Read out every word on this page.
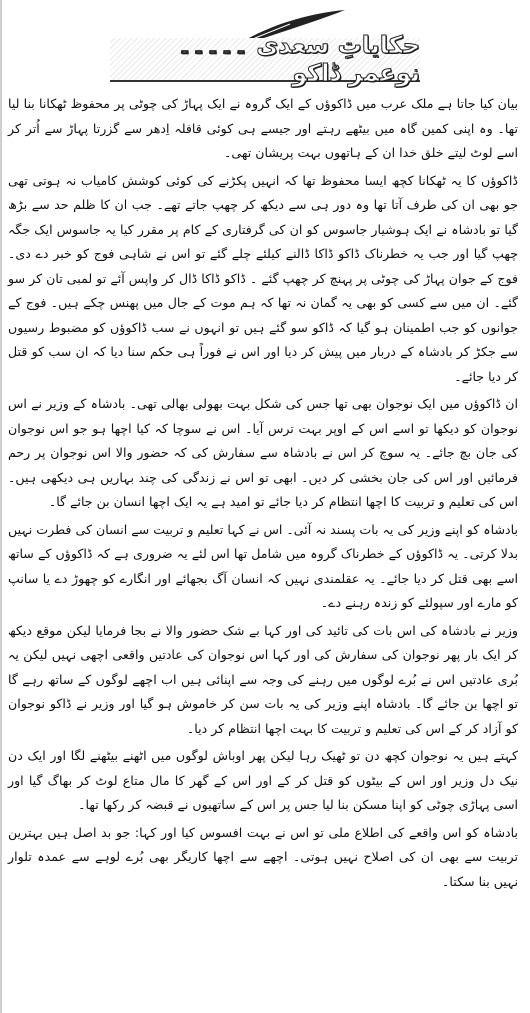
حکایاتِ سعدی ۔۔۔۔۔ نوعمر ڈاکو

بیان کیا جاتا ہے ملک عرب میں ڈاکوؤں کے ایک گروہ نے ایک پہاڑ کی چوٹی پر محفوظ ٹھکانا بنا لیا تھا۔ وہ اپنی کمین گاہ میں بیٹھے رہتے اور جیسے ہی کوئی قافلہ اِدھر سے گزرتا پہاڑ سے اُتر کر اسے لوٹ لیتے خلق خدا ان کے ہاتھوں بہت پریشان تھی۔

ڈاکوؤں کا یہ ٹھکانا کچھ ایسا محفوظ تھا کہ انہیں پکڑنے کی کوئی کوشش کامیاب نہ ہوتی تھی جو بھی ان کی طرف آتا تھا وہ دور ہی سے دیکھ کر چھپ جاتے تھے۔ جب ان کا ظلم حد سے بڑھ گیا تو بادشاہ نے ایک ہوشیار جاسوس کو ان کی گرفتاری کے کام پر مقرر کیا یہ جاسوس ایک جگہ چھپ گیا اور جب یہ خطرناک ڈاکو ڈاکا ڈالنے کیلئے چلے گئے تو اس نے شاہی فوج کو خبر دے دی۔ فوج کے جوان پہاڑ کی چوٹی پر پہنچ کر چھپ گئے ۔ ڈاکو ڈاکا ڈال کر واپس آئے تو لمبی تان کر سو گئے۔ ان میں سے کسی کو بھی یہ گمان نہ تھا کہ ہم موت کے جال میں پھنس چکے ہیں۔ فوج کے جوانوں کو جب اطمینان ہو گیا کہ ڈاکو سو گئے ہیں تو انہوں نے سب ڈاکوؤں کو مضبوط رسیوں سے جکڑ کر بادشاہ کے دربار میں پیش کر دیا اور اس نے فوراً ہی حکم سنا دیا کہ ان سب کو قتل کر دیا جائے۔

ان ڈاکوؤں میں ایک نوجوان بھی تھا جس کی شکل بہت بھولی بھالی تھی۔ بادشاہ کے وزیر نے اس نوجوان کو دیکھا تو اسے اس کے اوپر بہت ترس آیا۔ اس نے سوچا کہ کیا اچھا ہو جو اس نوجوان کی جان بچ جائے۔ یہ سوچ کر اس نے بادشاہ سے سفارش کی کہ حضور والا اس نوجوان پر رحم فرمائیں اور اس کی جان بخشی کر دیں۔ ابھی تو اس نے زندگی کی چند بہاریں ہی دیکھی ہیں۔ اس کی تعلیم و تربیت کا اچھا انتظام کر دیا جائے تو امید ہے یہ ایک اچھا انسان بن جائے گا۔

بادشاہ کو اپنے وزیر کی یہ بات پسند نہ آئی۔ اس نے کہا تعلیم و تربیت سے انسان کی فطرت نہیں بدلا کرتی۔ یہ ڈاکوؤں کے خطرناک گروہ میں شامل تھا اس لئے یہ ضروری ہے کہ ڈاکوؤں کے ساتھ اسے بھی قتل کر دیا جائے۔ یہ عقلمندی نہیں کہ انسان آگ بجھائے اور انگارے کو چھوڑ دے یا سانپ کو مارے اور سپولئے کو زندہ رہنے دے۔

وزیر نے بادشاہ کی اس بات کی تائید کی اور کہا بے شک حضور والا نے بجا فرمایا لیکن موقع دیکھ کر ایک بار پھر نوجوان کی سفارش کی اور کہا اس نوجوان کی عادتیں واقعی اچھی نہیں لیکن یہ بُری عادتیں اس نے بُرے لوگوں میں رہنے کی وجہ سے اپنائی ہیں اب اچھے لوگوں کے ساتھ رہے گا تو اچھا بن جائے گا۔ بادشاہ اپنے وزیر کی یہ بات سن کر خاموش ہو گیا اور وزیر نے ڈاکو نوجوان کو آزاد کر کے اس کی تعلیم و تربیت کا بہت اچھا انتظام کر دیا۔

کہتے ہیں یہ نوجوان کچھ دن تو ٹھیک رہا لیکن پھر اوباش لوگوں میں اٹھنے بیٹھنے لگا اور ایک دن نیک دل وزیر اور اس کے بیٹوں کو قتل کر کے اور اس کے گھر کا مال متاع لوٹ کر بھاگ گیا اور اسی پہاڑی چوٹی کو اپنا مسکن بنا لیا جس پر اس کے ساتھیوں نے قبضہ کر رکھا تھا۔

بادشاہ کو اس واقعے کی اطلاع ملی تو اس نے بہت افسوس کیا اور کہا: جو بد اصل ہیں بہترین تربیت سے بھی ان کی اصلاح نہیں ہوتی۔ اچھے سے اچھا کاریگر بھی بُرے لوہے سے عمدہ تلوار نہیں بنا سکتا۔
